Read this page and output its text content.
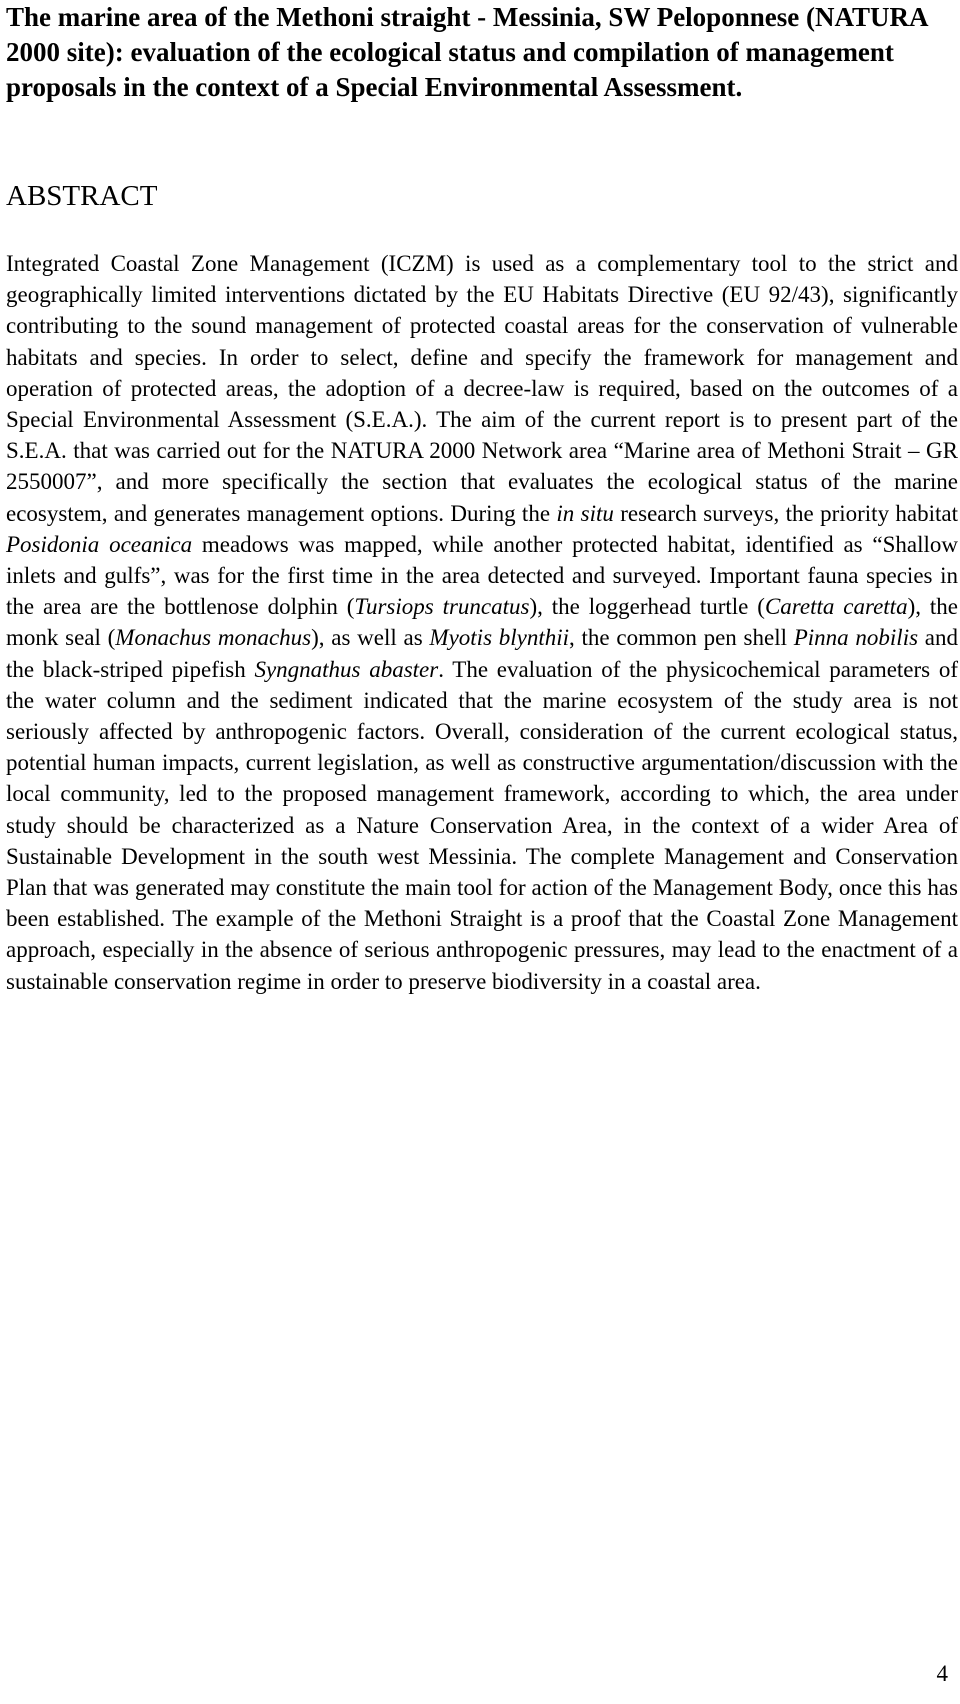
The marine area of the Methoni straight - Messinia, SW Peloponnese (NATURA 2000 site): evaluation of the ecological status and compilation of management proposals in the context of a Special Environmental Assessment.
ABSTRACT

Integrated Coastal Zone Management (ICZM) is used as a complementary tool to the strict and geographically limited interventions dictated by the EU Habitats Directive (EU 92/43), significantly contributing to the sound management of protected coastal areas for the conservation of vulnerable habitats and species. In order to select, define and specify the framework for management and operation of protected areas, the adoption of a decree-law is required, based on the outcomes of a Special Environmental Assessment (S.E.A.). The aim of the current report is to present part of the S.E.A. that was carried out for the NATURA 2000 Network area “Marine area of Methoni Strait – GR 2550007”, and more specifically the section that evaluates the ecological status of the marine ecosystem, and generates management options. During the in situ research surveys, the priority habitat Posidonia oceanica meadows was mapped, while another protected habitat, identified as “Shallow inlets and gulfs”, was for the first time in the area detected and surveyed. Important fauna species in the area are the bottlenose dolphin (Tursiops truncatus), the loggerhead turtle (Caretta caretta), the monk seal (Monachus monachus), as well as Myotis blynthii, the common pen shell Pinna nobilis and the black-striped pipefish Syngnathus abaster. The evaluation of the physicochemical parameters of the water column and the sediment indicated that the marine ecosystem of the study area is not seriously affected by anthropogenic factors. Overall, consideration of the current ecological status, potential human impacts, current legislation, as well as constructive argumentation/discussion with the local community, led to the proposed management framework, according to which, the area under study should be characterized as a Nature Conservation Area, in the context of a wider Area of Sustainable Development in the south west Messinia. The complete Management and Conservation Plan that was generated may constitute the main tool for action of the Management Body, once this has been established. The example of the Methoni Straight is a proof that the Coastal Zone Management approach, especially in the absence of serious anthropogenic pressures, may lead to the enactment of a sustainable conservation regime in order to preserve biodiversity in a coastal area.

4
